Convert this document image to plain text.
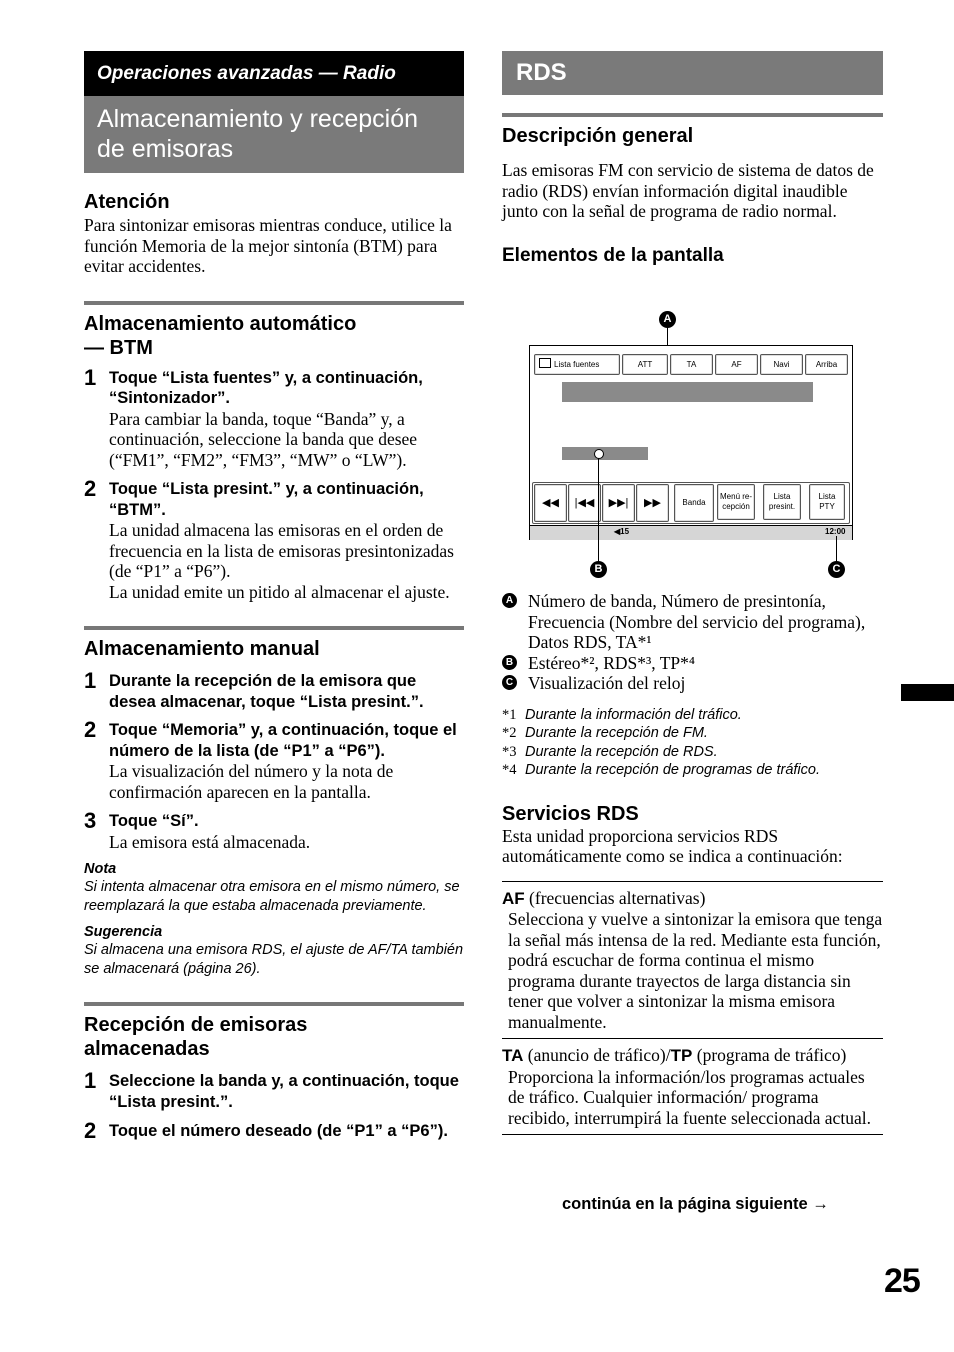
Operaciones avanzadas — Radio
Almacenamiento y recepción de emisoras
Atención

Para sintonizar emisoras mientras conduce, utilice la función Memoria de la mejor sintonía (BTM) para evitar accidentes.

Almacenamiento automático
— BTM
1 Toque “Lista fuentes” y, a continuación, “Sintonizador”.

Para cambiar la banda, toque “Banda” y, a continuación, seleccione la banda que desee (“FM1”, “FM2”, “FM3”, “MW” o “LW”).

2 Toque “Lista presint.” y, a continuación, “BTM”.

La unidad almacena las emisoras en el orden de frecuencia en la lista de emisoras presintonizadas (de “P1” a “P6”).

La unidad emite un pitido al almacenar el ajuste.

Almacenamiento manual
1 Durante la recepción de la emisora que desea almacenar, toque “Lista presint.”.
2 Toque “Memoria” y, a continuación, toque el número de la lista (de “P1” a “P6”).

La visualización del número y la nota de confirmación aparecen en la pantalla.

3 Toque “Sí”.

La emisora está almacenada.

Nota
Si intenta almacenar otra emisora en el mismo número, se reemplazará la que estaba almacenada previamente.
Sugerencia
Si almacena una emisora RDS, el ajuste de AF/TA también se almacenará (página 26).
Recepción de emisoras
almacenadas
1 Seleccione la banda y, a continuación, toque “Lista presint.”.
2 Toque el número deseado (de “P1” a “P6”).
RDS
Descripción general

Las emisoras FM con servicio de sistema de datos de radio (RDS) envían información digital inaudible junto con la señal de programa de radio normal.

Elementos de la pantalla
A
Lista fuentes	ATT	TA	AF	Navi	Arriba
◀◀	|◀◀	▶▶|	▶▶	Banda
Menú re-cepción
Lista presint.
Lista PTY
◀15	12:00
B	C
A Número de banda, Número de presintonía, Frecuencia (Nombre del servicio del programa), Datos RDS, TA*¹
B Estéreo*², RDS*³, TP*⁴
C Visualización del reloj
*1 Durante la información del tráfico.
*2 Durante la recepción de FM.
*3 Durante la recepción de RDS.
*4 Durante la recepción de programas de tráfico.
Servicios RDS

Esta unidad proporciona servicios RDS automáticamente como se indica a continuación:

AF (frecuencias alternativas)

Selecciona y vuelve a sintonizar la emisora que tenga la señal más intensa de la red. Mediante esta función, podrá escuchar de forma continua el mismo programa durante trayectos de larga distancia sin tener que volver a sintonizar la misma emisora manualmente.

TA (anuncio de tráfico)/TP (programa de tráfico)

Proporciona la información/los programas actuales de tráfico. Cualquier información/ programa recibido, interrumpirá la fuente seleccionada actual.

continúa en la página siguiente →
25
